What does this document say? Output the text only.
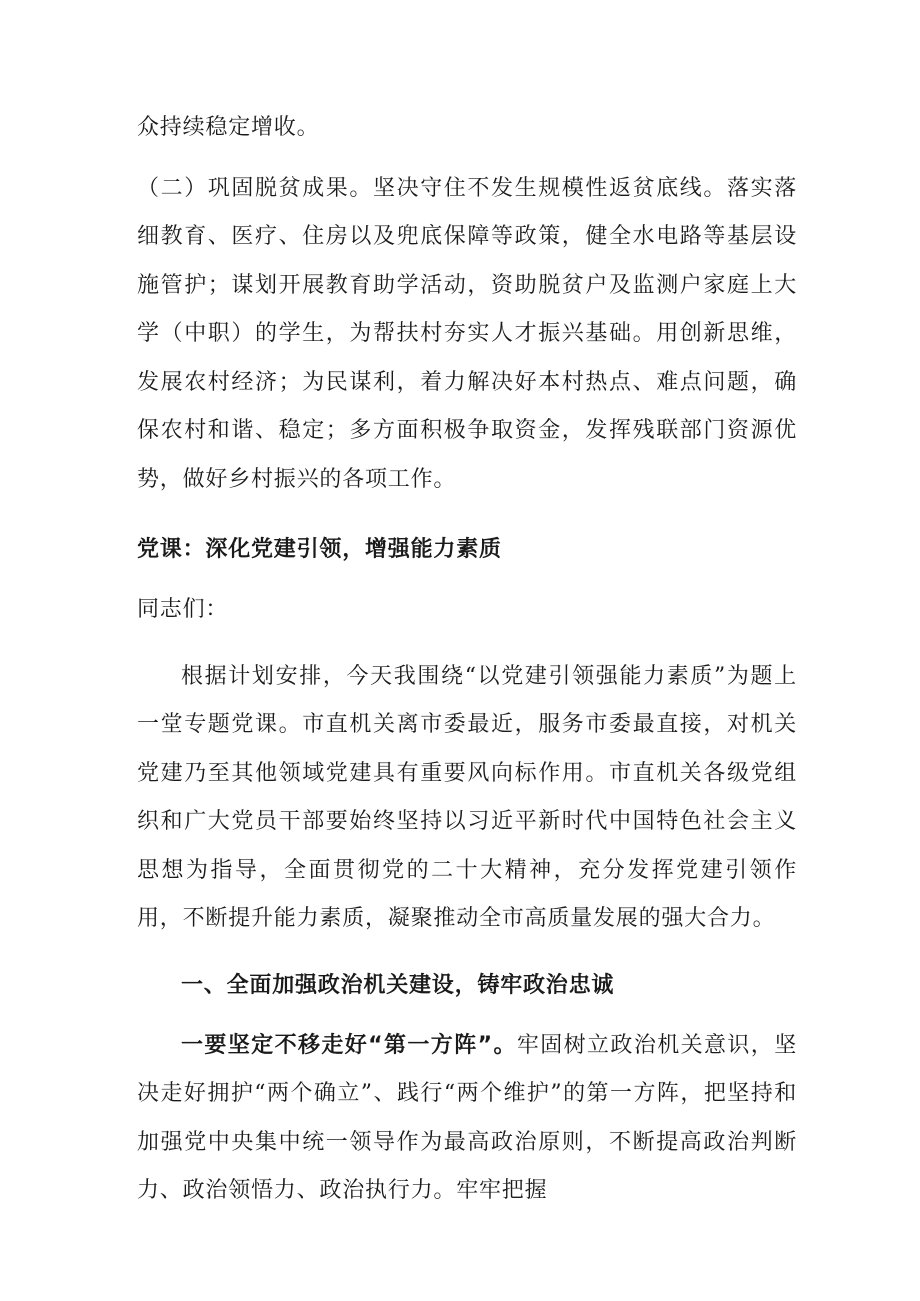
众持续稳定增收。

（二）巩固脱贫成果。坚决守住不发生规模性返贫底线。落实落细教育、医疗、住房以及兜底保障等政策，健全水电路等基层设施管护；谋划开展教育助学活动，资助脱贫户及监测户家庭上大学（中职）的学生，为帮扶村夯实人才振兴基础。用创新思维，发展农村经济；为民谋利，着力解决好本村热点、难点问题，确保农村和谐、稳定；多方面积极争取资金，发挥残联部门资源优势，做好乡村振兴的各项工作。

党课：深化党建引领，增强能力素质

同志们：

根据计划安排，今天我围绕“以党建引领强能力素质”为题上一堂专题党课。市直机关离市委最近，服务市委最直接，对机关党建乃至其他领域党建具有重要风向标作用。市直机关各级党组织和广大党员干部要始终坚持以习近平新时代中国特色社会主义思想为指导，全面贯彻党的二十大精神，充分发挥党建引领作用，不断提升能力素质，凝聚推动全市高质量发展的强大合力。

一、全面加强政治机关建设，铸牢政治忠诚

一要坚定不移走好“第一方阵”。牢固树立政治机关意识，坚决走好拥护“两个确立”、践行“两个维护”的第一方阵，把坚持和加强党中央集中统一领导作为最高政治原则，不断提高政治判断力、政治领悟力、政治执行力。牢牢把握
